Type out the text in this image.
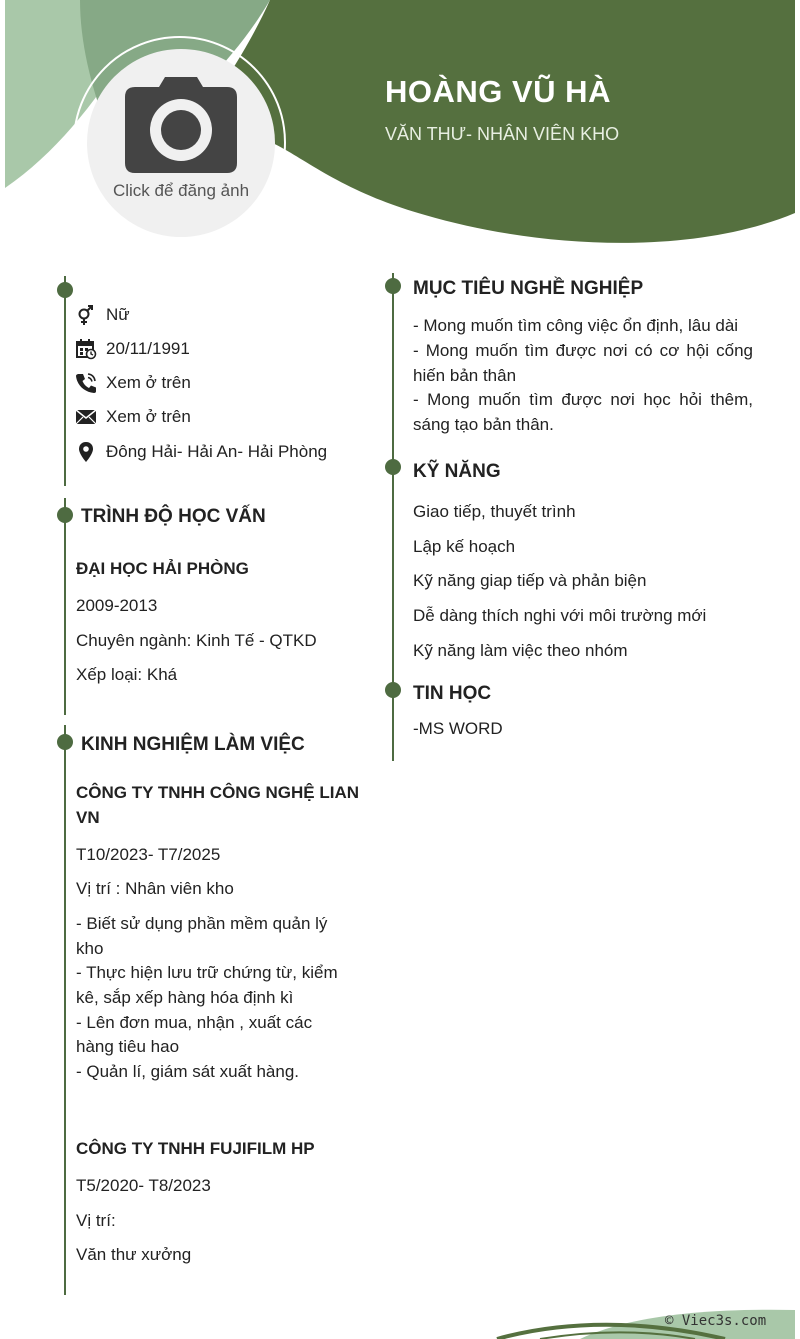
Click để đăng ảnh
HOÀNG VŨ HÀ

VĂN THƯ- NHÂN VIÊN KHO

Nữ
20/11/1991
Xem ở trên
Xem ở trên
Đông Hải- Hải An- Hải Phòng
TRÌNH ĐỘ HỌC VẤN
ĐẠI HỌC HẢI PHÒNG
2009-2013
Chuyên ngành: Kinh Tế - QTKD
Xếp loại: Khá
KINH NGHIỆM LÀM VIỆC
CÔNG TY TNHH CÔNG NGHỆ LIAN
VN
T10/2023- T7/2025
Vị trí : Nhân viên kho
- Biết sử dụng phần mềm quản lý
kho
- Thực hiện lưu trữ chứng từ, kiểm
kê, sắp xếp hàng hóa định kì
- Lên đơn mua, nhận , xuất các
hàng tiêu hao
- Quản lí, giám sát xuất hàng.
CÔNG TY TNHH FUJIFILM HP
T5/2020- T8/2023
Vị trí:
Văn thư xưởng
MỤC TIÊU NGHỀ NGHIỆP

- Mong muốn tìm công việc ổn định, lâu dài

- Mong muốn tìm được nơi có cơ hội cống hiến bản thân

- Mong muốn tìm được nơi học hỏi thêm, sáng tạo bản thân.

KỸ NĂNG
Giao tiếp, thuyết trình
Lập kế hoạch
Kỹ năng giap tiếp và phản biện
Dễ dàng thích nghi với môi trường mới
Kỹ năng làm việc theo nhóm
TIN HỌC
-MS WORD
© Viec3s.com
